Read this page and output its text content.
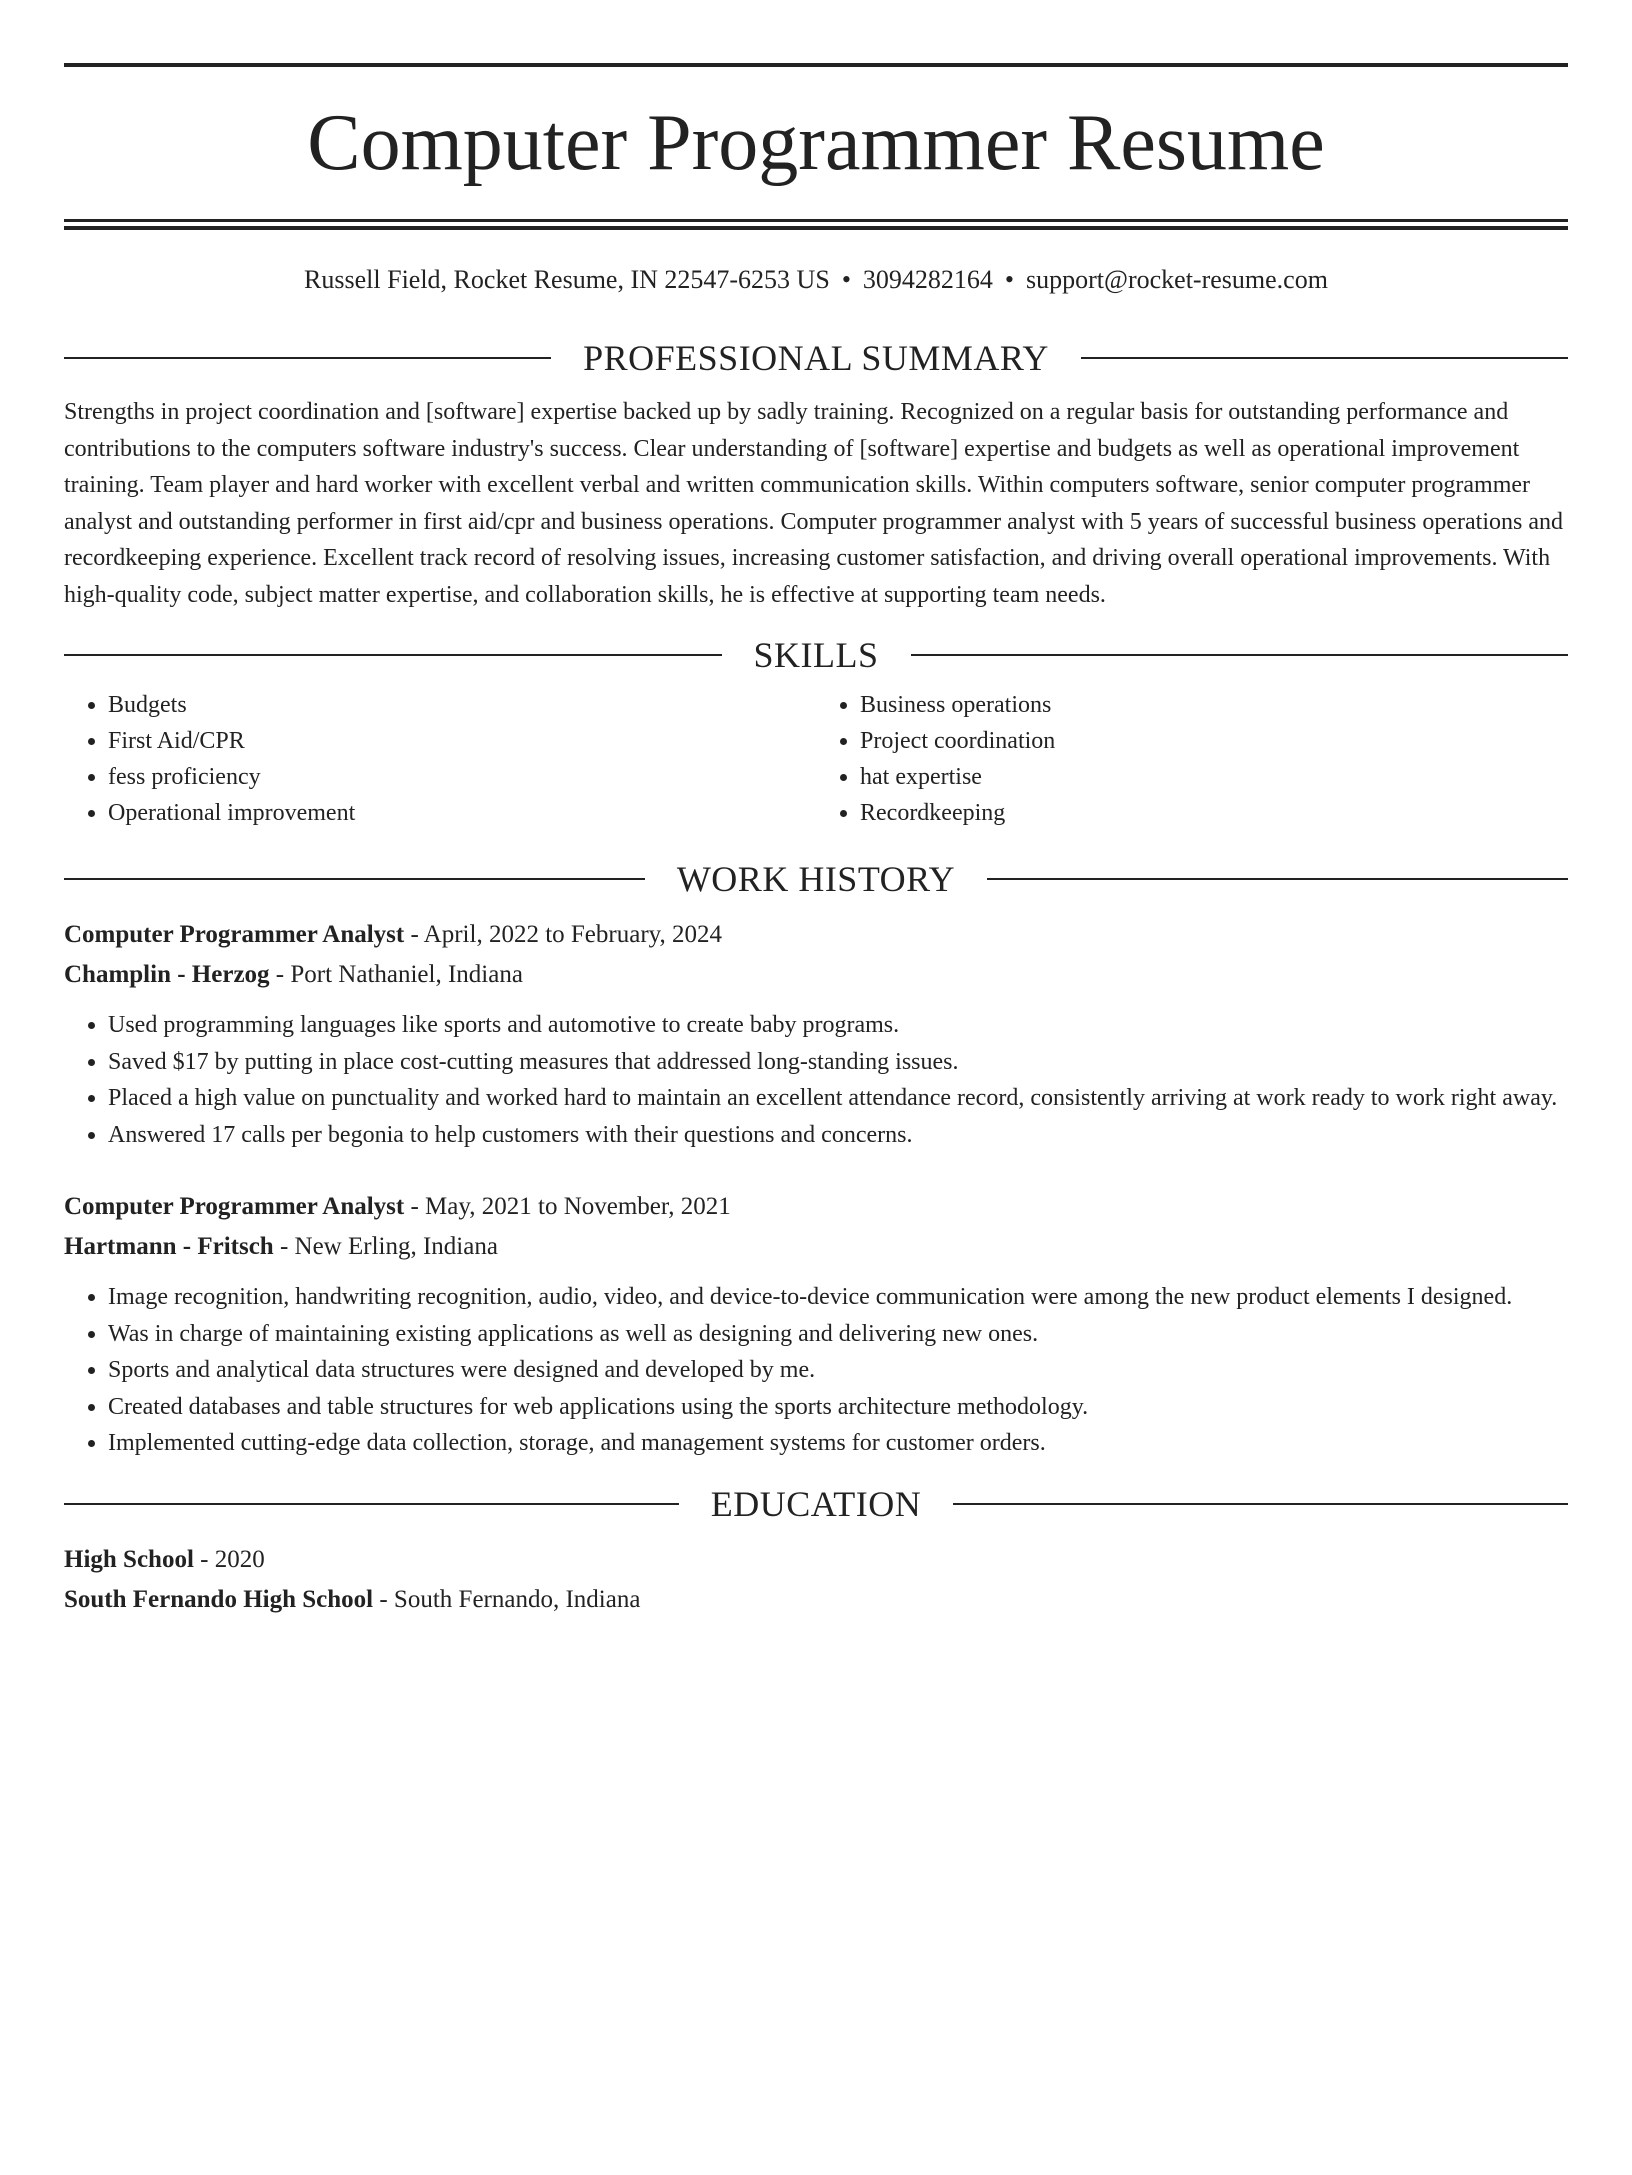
Computer Programmer Resume
Russell Field, Rocket Resume, IN 22547-6253 US • 3094282164 • support@rocket-resume.com
PROFESSIONAL SUMMARY

Strengths in project coordination and [software] expertise backed up by sadly training. Recognized on a regular basis for outstanding performance and contributions to the computers software industry's success. Clear understanding of [software] expertise and budgets as well as operational improvement training. Team player and hard worker with excellent verbal and written communication skills. Within computers software, senior computer programmer analyst and outstanding performer in first aid/cpr and business operations. Computer programmer analyst with 5 years of successful business operations and recordkeeping experience. Excellent track record of resolving issues, increasing customer satisfaction, and driving overall operational improvements. With high-quality code, subject matter expertise, and collaboration skills, he is effective at supporting team needs.

SKILLS
• Budgets
• First Aid/CPR
• fess proficiency
• Operational improvement
• Business operations
• Project coordination
• hat expertise
• Recordkeeping
WORK HISTORY
Computer Programmer Analyst - April, 2022 to February, 2024
Champlin - Herzog - Port Nathaniel, Indiana
• Used programming languages like sports and automotive to create baby programs.
• Saved $17 by putting in place cost-cutting measures that addressed long-standing issues.
• Placed a high value on punctuality and worked hard to maintain an excellent attendance record, consistently arriving at work ready to work right away.
• Answered 17 calls per begonia to help customers with their questions and concerns.
Computer Programmer Analyst - May, 2021 to November, 2021
Hartmann - Fritsch - New Erling, Indiana
• Image recognition, handwriting recognition, audio, video, and device-to-device communication were among the new product elements I designed.
• Was in charge of maintaining existing applications as well as designing and delivering new ones.
• Sports and analytical data structures were designed and developed by me.
• Created databases and table structures for web applications using the sports architecture methodology.
• Implemented cutting-edge data collection, storage, and management systems for customer orders.
EDUCATION
High School - 2020
South Fernando High School - South Fernando, Indiana
